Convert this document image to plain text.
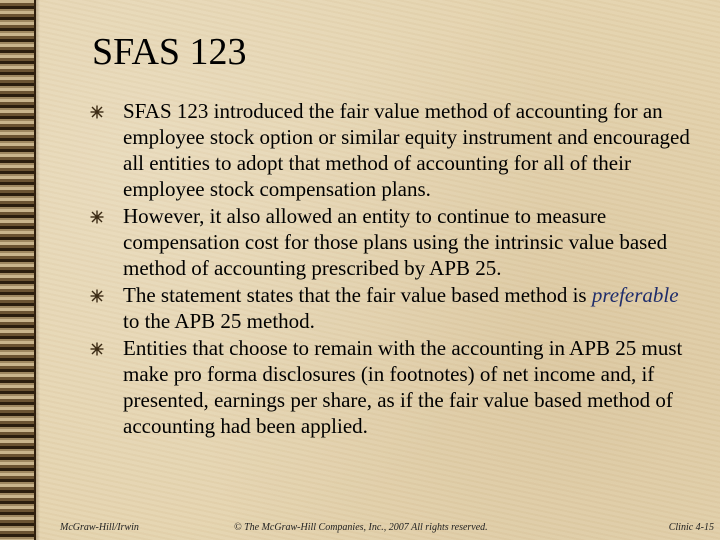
SFAS 123
SFAS 123 introduced the fair value method of accounting for an employee stock option or similar equity instrument and encouraged all entities to adopt that method of accounting for all of their employee stock compensation plans.
However, it also allowed an entity to continue to measure compensation cost for those plans using the intrinsic value based method of accounting prescribed by APB 25.
The statement states that the fair value based method is preferable to the APB 25 method.
Entities that choose to remain with the accounting in APB 25 must make pro forma disclosures (in footnotes) of net income and, if presented, earnings per share, as if the fair value based method of accounting had been applied.
McGraw-Hill/Irwin	© The McGraw-Hill Companies, Inc., 2007 All rights reserved.	Clinic 4-15
